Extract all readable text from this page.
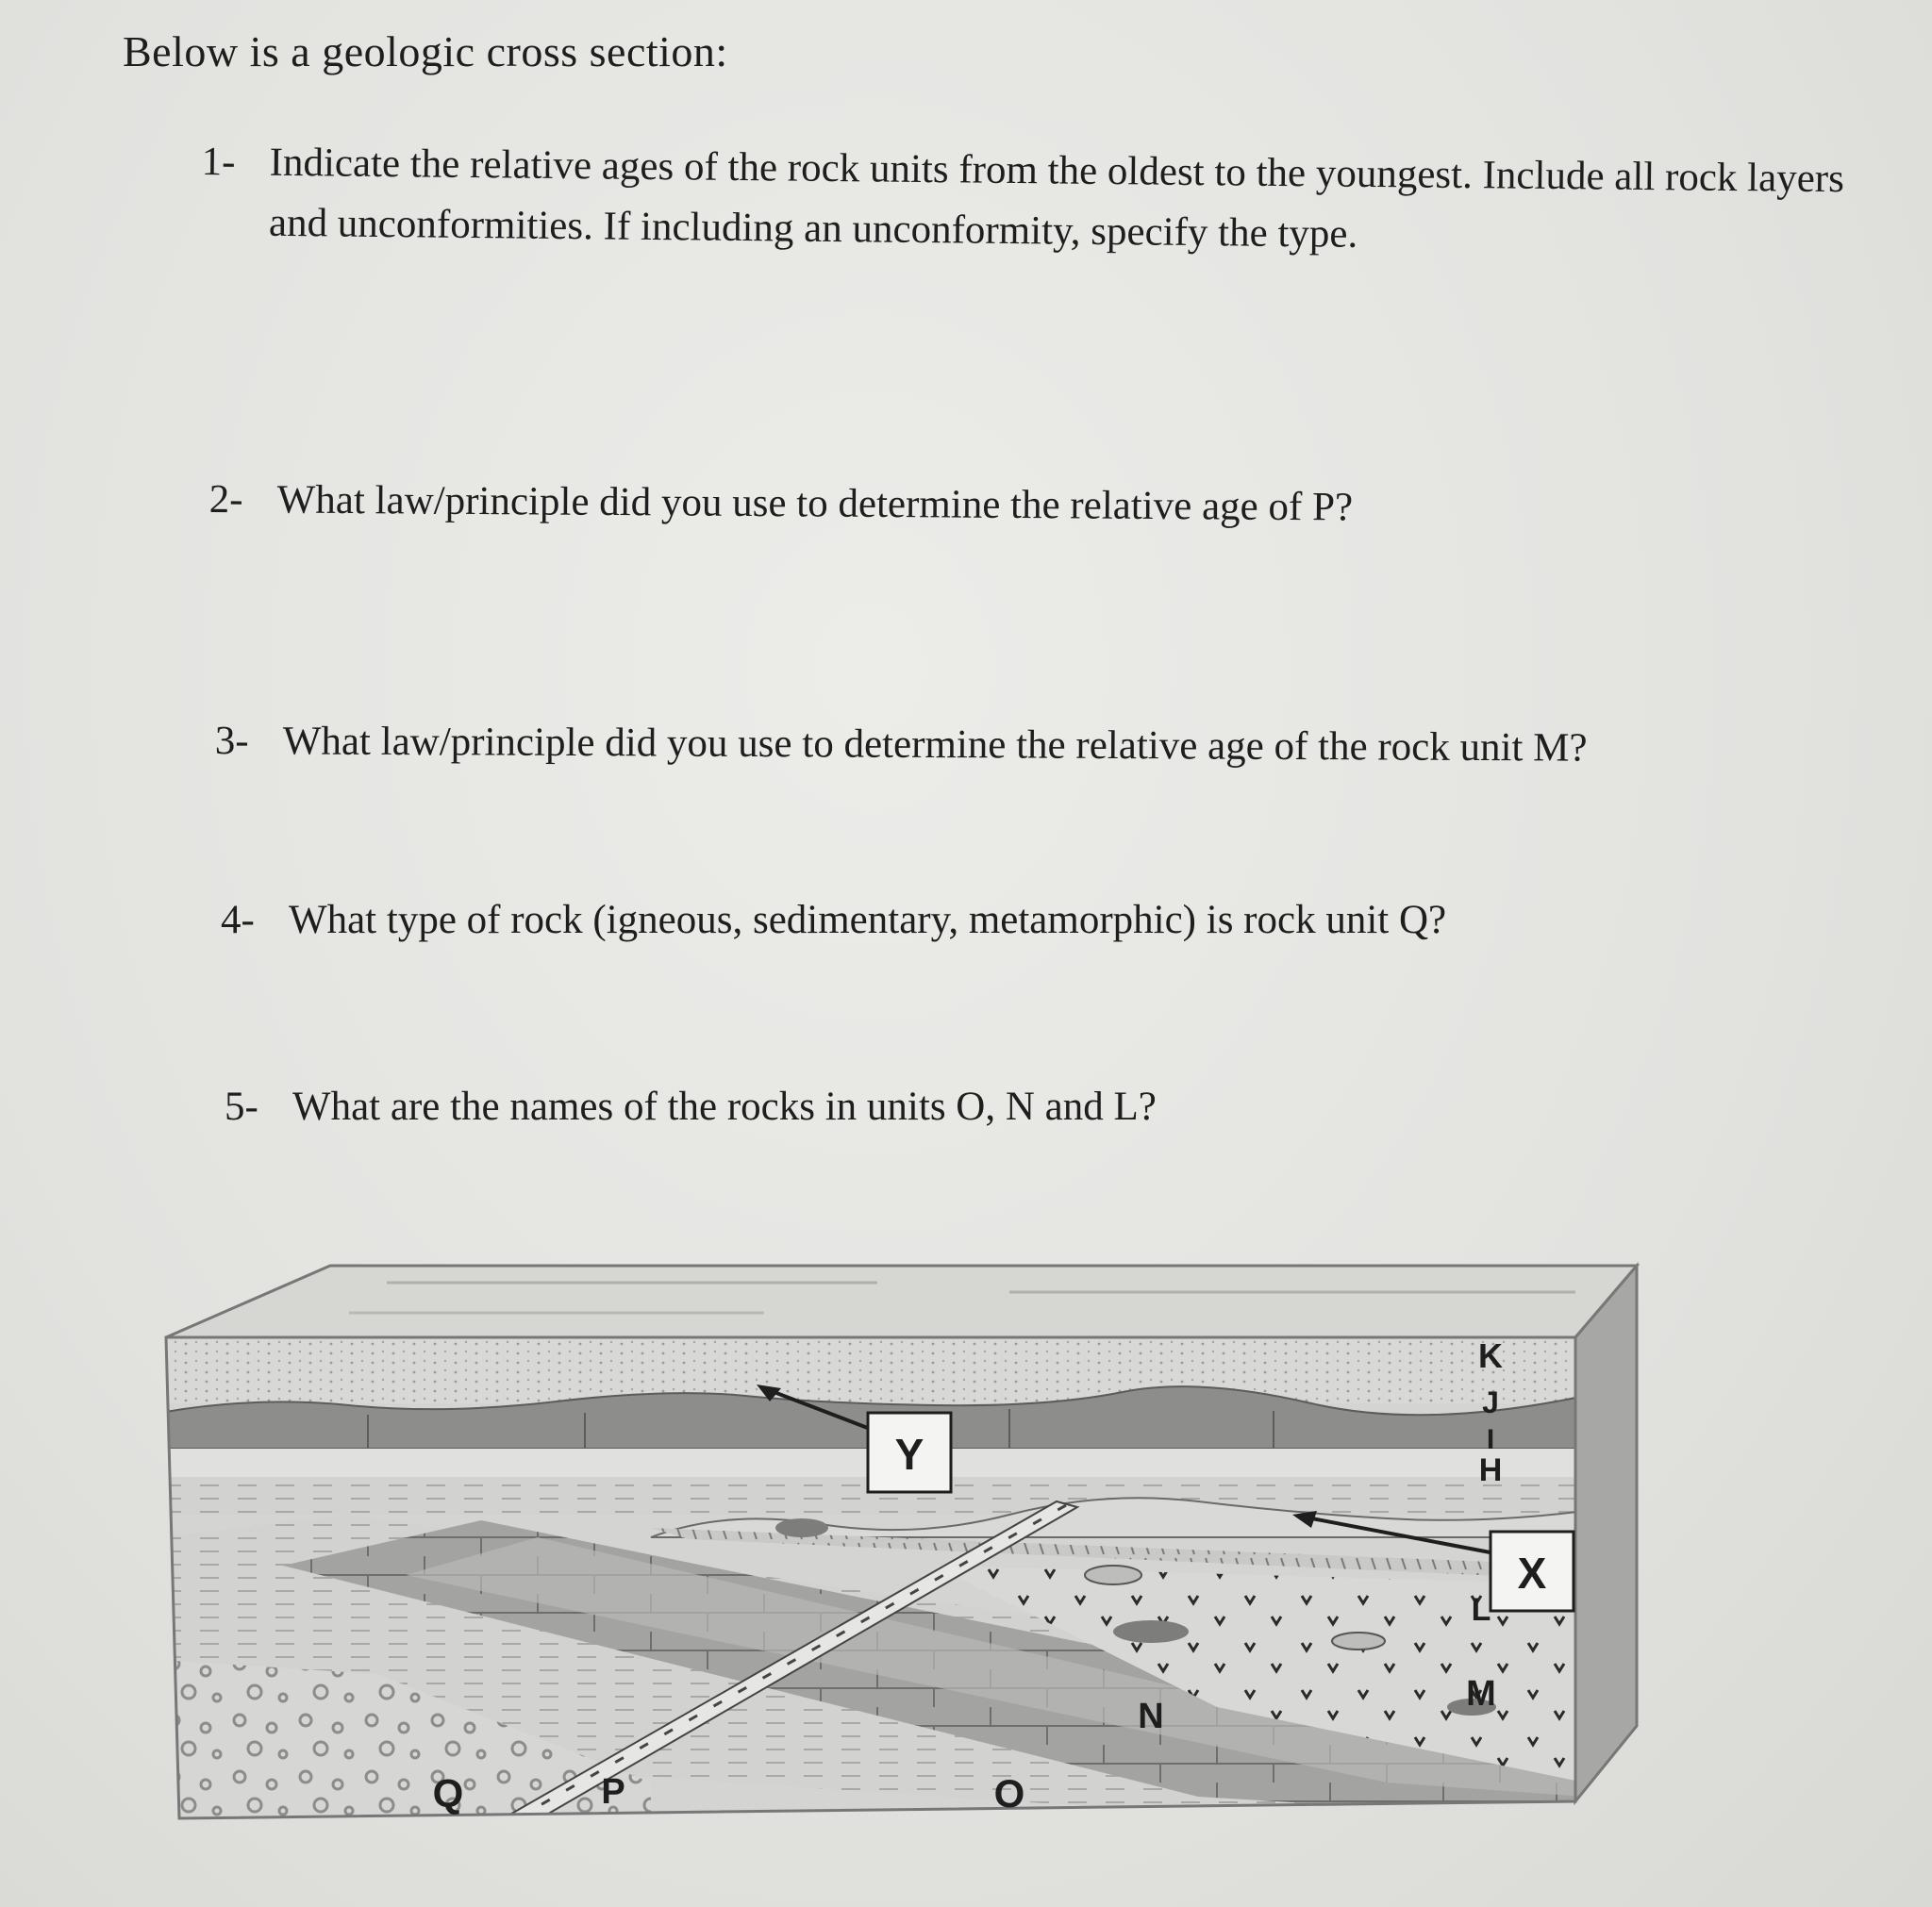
Below is a geologic cross section:
1- Indicate the relative ages of the rock units from the oldest to the youngest. Include all rock layers and unconformities. If including an unconformity, specify the type.
2- What law/principle did you use to determine the relative age of P?
3- What law/principle did you use to determine the relative age of the rock unit M?
4- What type of rock (igneous, sedimentary, metamorphic) is rock unit Q?
5- What are the names of the rocks in units O, N and L?
Y
X
K
J
I
H
L
M
N
O
P
Q
